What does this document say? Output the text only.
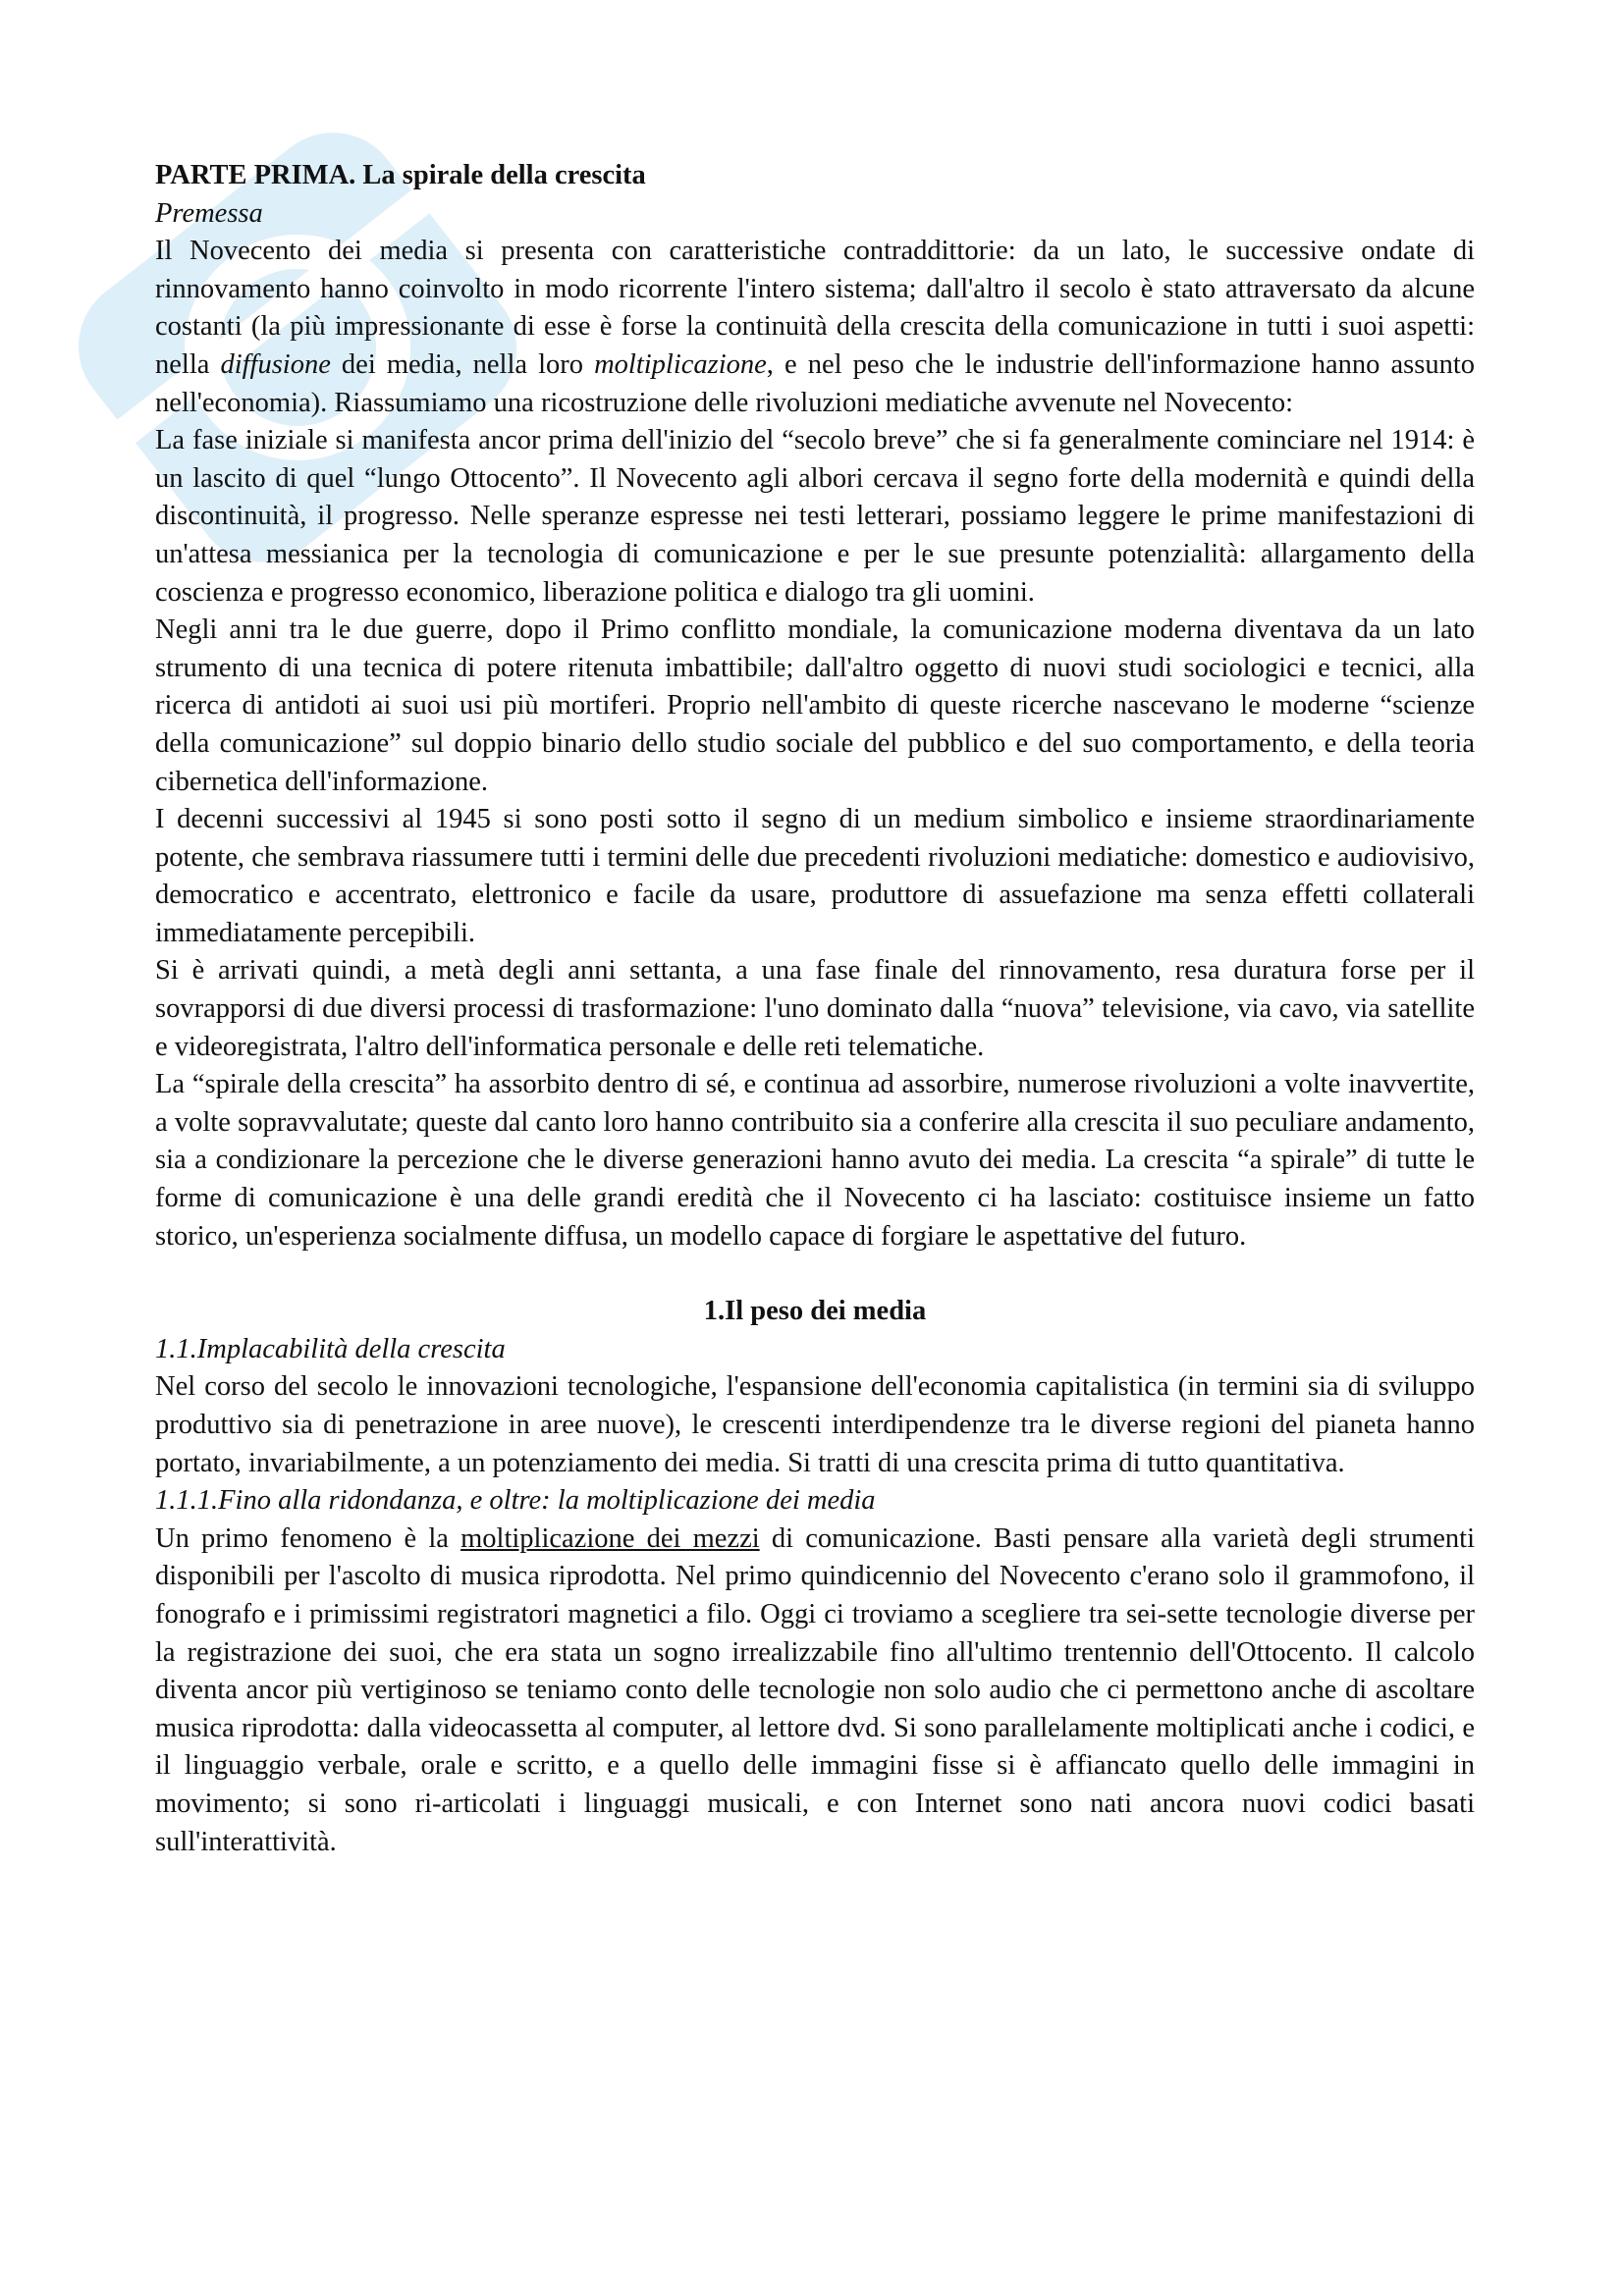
PARTE PRIMA. La spirale della crescita

Premessa

Il Novecento dei media si presenta con caratteristiche contraddittorie: da un lato, le successive ondate di rinnovamento hanno coinvolto in modo ricorrente l'intero sistema; dall'altro il secolo è stato attraversato da alcune costanti (la più impressionante di esse è forse la continuità della crescita della comunicazione in tutti i suoi aspetti: nella diffusione dei media, nella loro moltiplicazione, e nel peso che le industrie dell'informazione hanno assunto nell'economia). Riassumiamo una ricostruzione delle rivoluzioni mediatiche avvenute nel Novecento:

La fase iniziale si manifesta ancor prima dell'inizio del “secolo breve” che si fa generalmente cominciare nel 1914: è un lascito di quel “lungo Ottocento”. Il Novecento agli albori cercava il segno forte della modernità e quindi della discontinuità, il progresso. Nelle speranze espresse nei testi letterari, possiamo leggere le prime manifestazioni di un'attesa messianica per la tecnologia di comunicazione e per le sue presunte potenzialità: allargamento della coscienza e progresso economico, liberazione politica e dialogo tra gli uomini.

Negli anni tra le due guerre, dopo il Primo conflitto mondiale, la comunicazione moderna diventava da un lato strumento di una tecnica di potere ritenuta imbattibile; dall'altro oggetto di nuovi studi sociologici e tecnici, alla ricerca di antidoti ai suoi usi più mortiferi. Proprio nell'ambito di queste ricerche nascevano le moderne “scienze della comunicazione” sul doppio binario dello studio sociale del pubblico e del suo comportamento, e della teoria cibernetica dell'informazione.

I decenni successivi al 1945 si sono posti sotto il segno di un medium simbolico e insieme straordinariamente potente, che sembrava riassumere tutti i termini delle due precedenti rivoluzioni mediatiche: domestico e audiovisivo, democratico e accentrato, elettronico e facile da usare, produttore di assuefazione ma senza effetti collaterali immediatamente percepibili.

Si è arrivati quindi, a metà degli anni settanta, a una fase finale del rinnovamento, resa duratura forse per il sovrapporsi di due diversi processi di trasformazione: l'uno dominato dalla “nuova” televisione, via cavo, via satellite e videoregistrata, l'altro dell'informatica personale e delle reti telematiche.

La “spirale della crescita” ha assorbito dentro di sé, e continua ad assorbire, numerose rivoluzioni a volte inavvertite, a volte sopravvalutate; queste dal canto loro hanno contribuito sia a conferire alla crescita il suo peculiare andamento, sia a condizionare la percezione che le diverse generazioni hanno avuto dei media. La crescita “a spirale” di tutte le forme di comunicazione è una delle grandi eredità che il Novecento ci ha lasciato: costituisce insieme un fatto storico, un'esperienza socialmente diffusa, un modello capace di forgiare le aspettative del futuro.

1.Il peso dei media

1.1.Implacabilità della crescita

Nel corso del secolo le innovazioni tecnologiche, l'espansione dell'economia capitalistica (in termini sia di sviluppo produttivo sia di penetrazione in aree nuove), le crescenti interdipendenze tra le diverse regioni del pianeta hanno portato, invariabilmente, a un potenziamento dei media. Si tratti di una crescita prima di tutto quantitativa.

1.1.1.Fino alla ridondanza, e oltre: la moltiplicazione dei media

Un primo fenomeno è la moltiplicazione dei mezzi di comunicazione. Basti pensare alla varietà degli strumenti disponibili per l'ascolto di musica riprodotta. Nel primo quindicennio del Novecento c'erano solo il grammofono, il fonografo e i primissimi registratori magnetici a filo. Oggi ci troviamo a scegliere tra sei-sette tecnologie diverse per la registrazione dei suoi, che era stata un sogno irrealizzabile fino all'ultimo trentennio dell'Ottocento. Il calcolo diventa ancor più vertiginoso se teniamo conto delle tecnologie non solo audio che ci permettono anche di ascoltare musica riprodotta: dalla videocassetta al computer, al lettore dvd. Si sono parallelamente moltiplicati anche i codici, e il linguaggio verbale, orale e scritto, e a quello delle immagini fisse si è affiancato quello delle immagini in movimento; si sono ri-articolati i linguaggi musicali, e con Internet sono nati ancora nuovi codici basati sull'interattività.
